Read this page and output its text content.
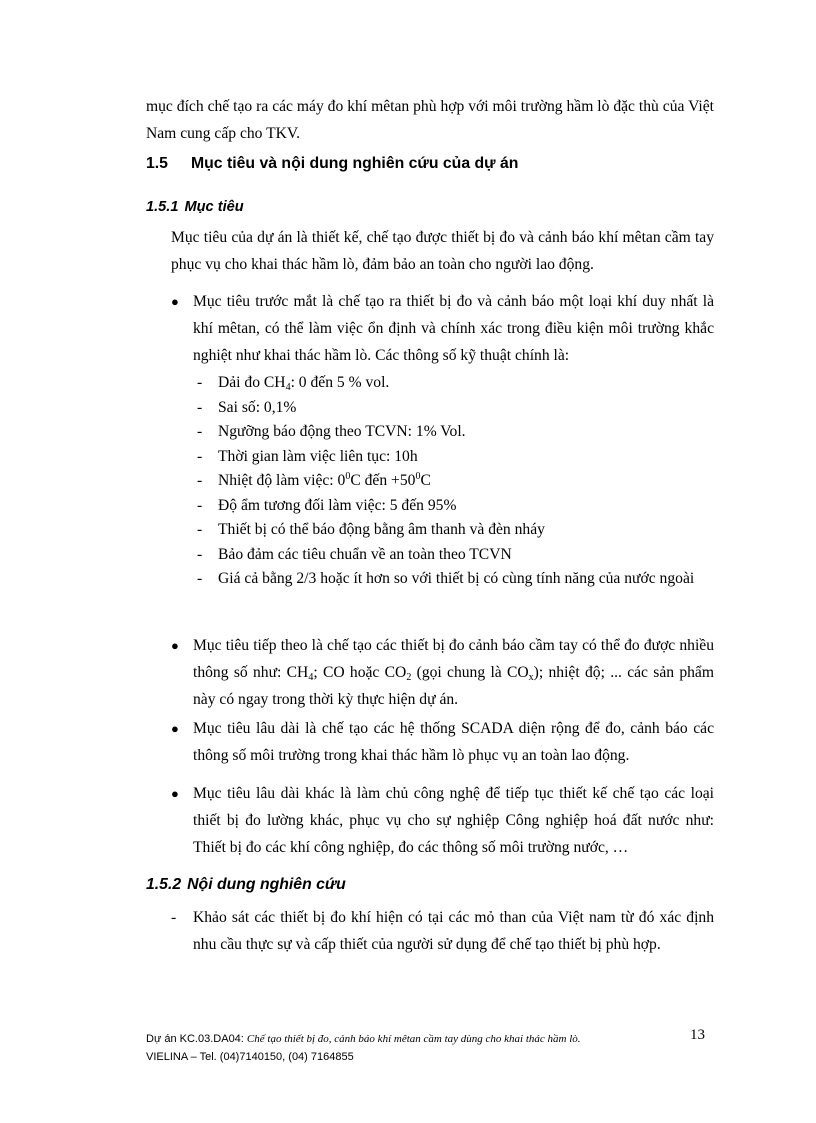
mục đích chế tạo ra các máy đo khí mêtan phù hợp với môi trường hầm lò đặc thù của Việt Nam cung cấp cho TKV.

1.5 Mục tiêu và nội dung nghiên cứu của dự án
1.5.1 Mục tiêu

Mục tiêu của dự án là thiết kế, chế tạo được thiết bị đo và cảnh báo khí mêtan cầm tay phục vụ cho khai thác hầm lò, đảm bảo an toàn cho người lao động.

● Mục tiêu trước mắt là chế tạo ra thiết bị đo và cảnh báo một loại khí duy nhất là khí mêtan, có thể làm việc ổn định và chính xác trong điều kiện môi trường khắc nghiệt như khai thác hầm lò. Các thông số kỹ thuật chính là:
- Dải đo $CH_4$: 0 đến 5 % vol.
- Sai số: 0,1%
- Ngưỡng báo động theo TCVN: 1% Vol.
- Thời gian làm việc liên tục: 10h
- Nhiệt độ làm việc: $0^0C$ đến $+50^0C$
- Độ ẩm tương đối làm việc: 5 đến 95%
- Thiết bị có thể báo động bằng âm thanh và đèn nháy
- Bảo đảm các tiêu chuẩn về an toàn theo TCVN
- Giá cả bằng 2/3 hoặc ít hơn so với thiết bị có cùng tính năng của nước ngoài
● Mục tiêu tiếp theo là chế tạo các thiết bị đo cảnh báo cầm tay có thể đo được nhiều thông số như: $CH_4$; CO hoặc $CO_2$ (gọi chung là $CO_x$); nhiệt độ; ... các sản phẩm này có ngay trong thời kỳ thực hiện dự án.
● Mục tiêu lâu dài là chế tạo các hệ thống SCADA diện rộng để đo, cảnh báo các thông số môi trường trong khai thác hầm lò phục vụ an toàn lao động.
● Mục tiêu lâu dài khác là làm chủ công nghệ để tiếp tục thiết kế chế tạo các loại thiết bị đo lường khác, phục vụ cho sự nghiệp Công nghiệp hoá đất nước như: Thiết bị đo các khí công nghiệp, đo các thông số môi trường nước, …
1.5.2 Nội dung nghiên cứu
- Khảo sát các thiết bị đo khí hiện có tại các mỏ than của Việt nam từ đó xác định nhu cầu thực sự và cấp thiết của người sử dụng để chế tạo thiết bị phù hợp.
Dự án KC.03.DA04: Chế tạo thiết bị đo, cảnh báo khí mêtan cầm tay dùng cho khai thác hầm lò.
VIELINA – Tel. (04)7140150, (04) 7164855
13
